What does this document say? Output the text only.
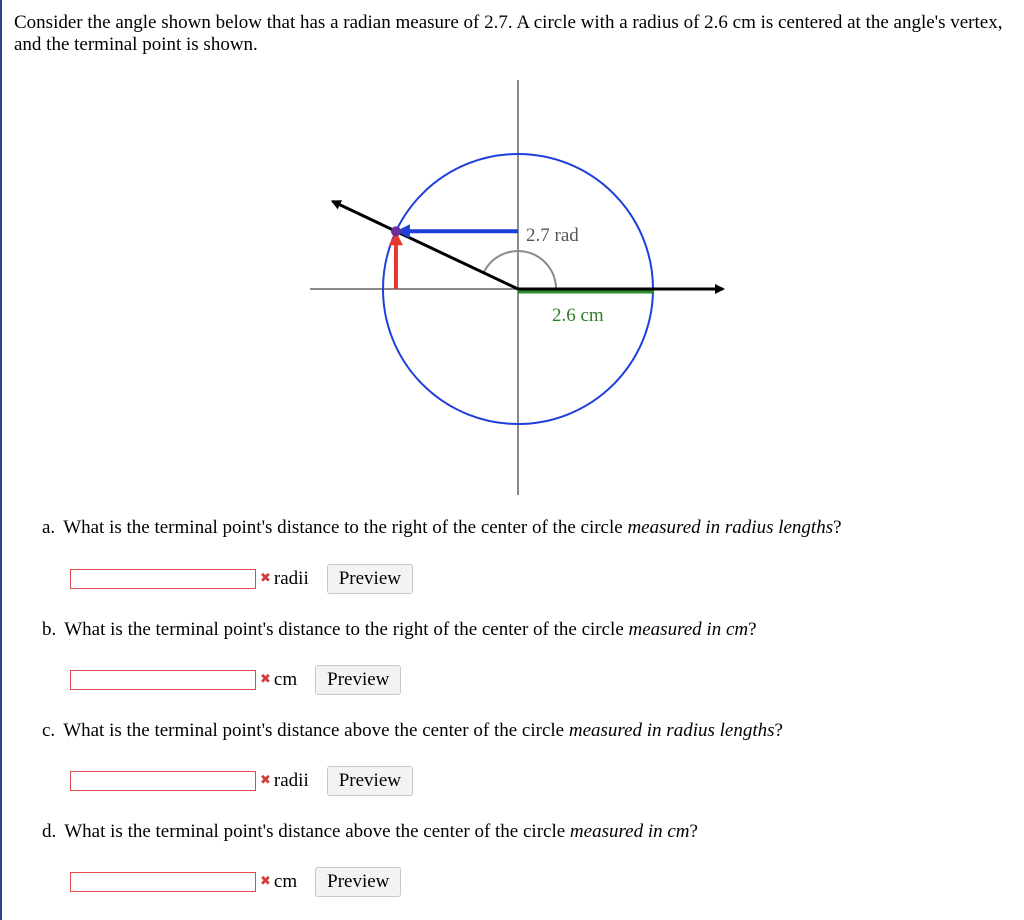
Consider the angle shown below that has a radian measure of 2.7. A circle with a radius of 2.6 cm is centered at the angle's vertex, and the terminal point is shown.
2.7 rad
2.6 cm
a. What is the terminal point's distance to the right of the center of the circle measured in radius lengths?
✖ radii	Preview
b. What is the terminal point's distance to the right of the center of the circle measured in cm?
✖ cm	Preview
c. What is the terminal point's distance above the center of the circle measured in radius lengths?
✖ radii	Preview
d. What is the terminal point's distance above the center of the circle measured in cm?
✖ cm	Preview
